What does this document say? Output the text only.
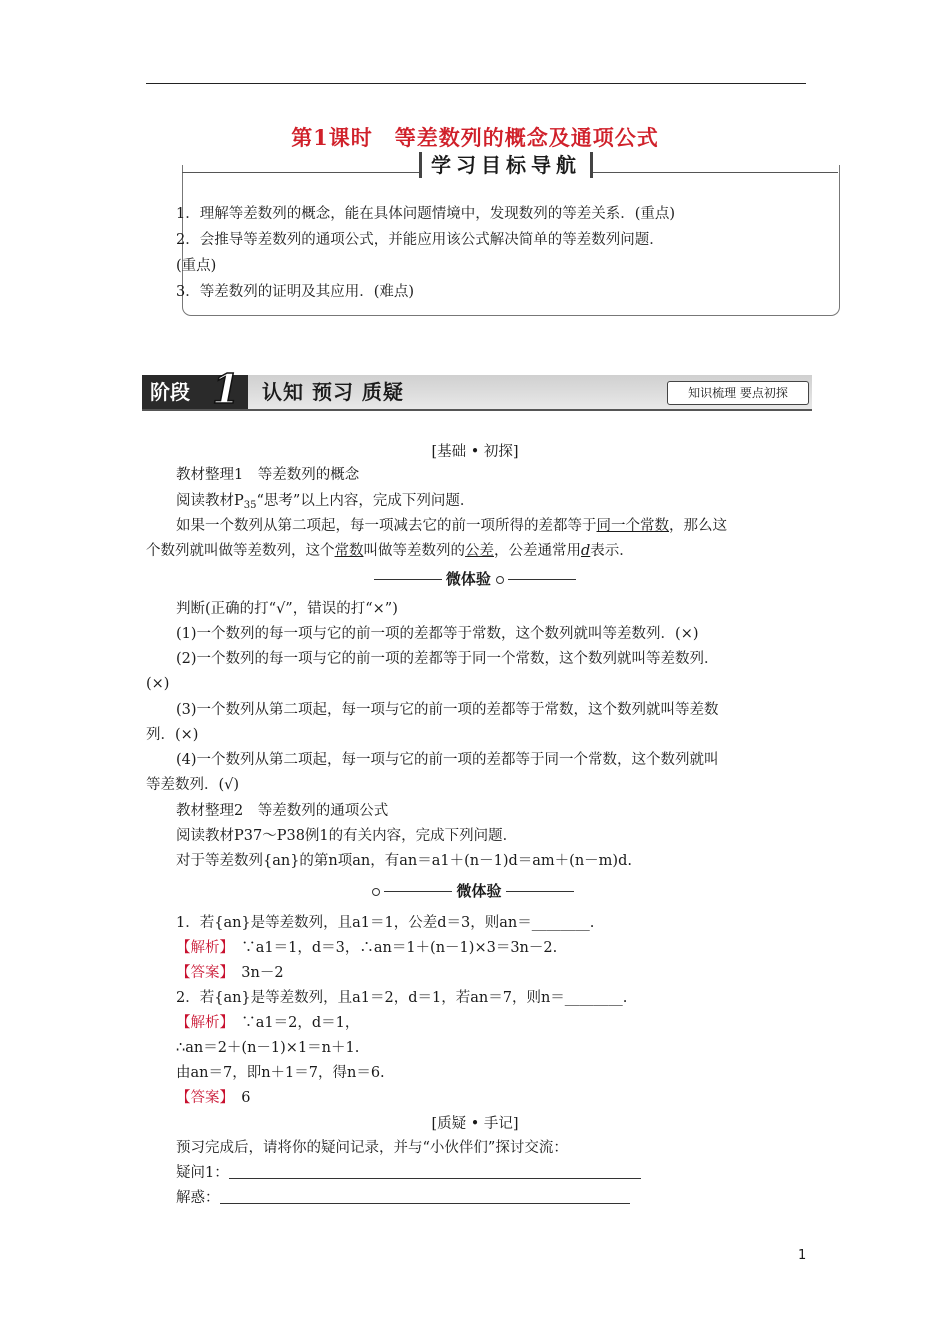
第1课时　等差数列的概念及通项公式
学习目标导航
1．理解等差数列的概念，能在具体问题情境中，发现数列的等差关系．(重点)
2．会推导等差数列的通项公式，并能应用该公式解决简单的等差数列问题．
(重点)
3．等差数列的证明及其应用．(难点)
阶段 1 认知 预习 质疑	知识梳理 要点初探
[基础 • 初探]
教材整理1　等差数列的概念
阅读教材$P_{35}“$思考”以上内容，完成下列问题．
如果一个数列从第二项起，每一项减去它的前一项所得的差都等于同一个常数，那么这
个数列就叫做等差数列，这个常数叫做等差数列的公差，公差通常用d表示．
微体验
判断(正确的打“√”，错误的打“×”)
(1)一个数列的每一项与它的前一项的差都等于常数，这个数列就叫等差数列．(×)
(2)一个数列的每一项与它的前一项的差都等于同一个常数，这个数列就叫等差数列．
(×)
(3)一个数列从第二项起，每一项与它的前一项的差都等于常数，这个数列就叫等差数
列．(×)
(4)一个数列从第二项起，每一项与它的前一项的差都等于同一个常数，这个数列就叫
等差数列．(√)
教材整理2　等差数列的通项公式
阅读教材P37～P38例1的有关内容，完成下列问题．
对于等差数列{an}的第n项an，有an＝a1＋(n－1)d＝am＋(n－m)d.
微体验
1．若{an}是等差数列，且a1＝1，公差d＝3，则an＝________.
【解析】　 ∵a1＝1，d＝3，∴an＝1＋(n－1)×3＝3n－2.
【答案】　 3n－2
2．若{an}是等差数列，且a1＝2，d＝1，若an＝7，则n＝________.
【解析】　 ∵a1＝2，d＝1，
∴an＝2＋(n－1)×1＝n＋1.
由an＝7，即n＋1＝7，得n＝6.
【答案】　 6
[质疑 • 手记]
预习完成后，请将你的疑问记录，并与“小伙伴们”探讨交流：
疑问1：
解惑：
1
